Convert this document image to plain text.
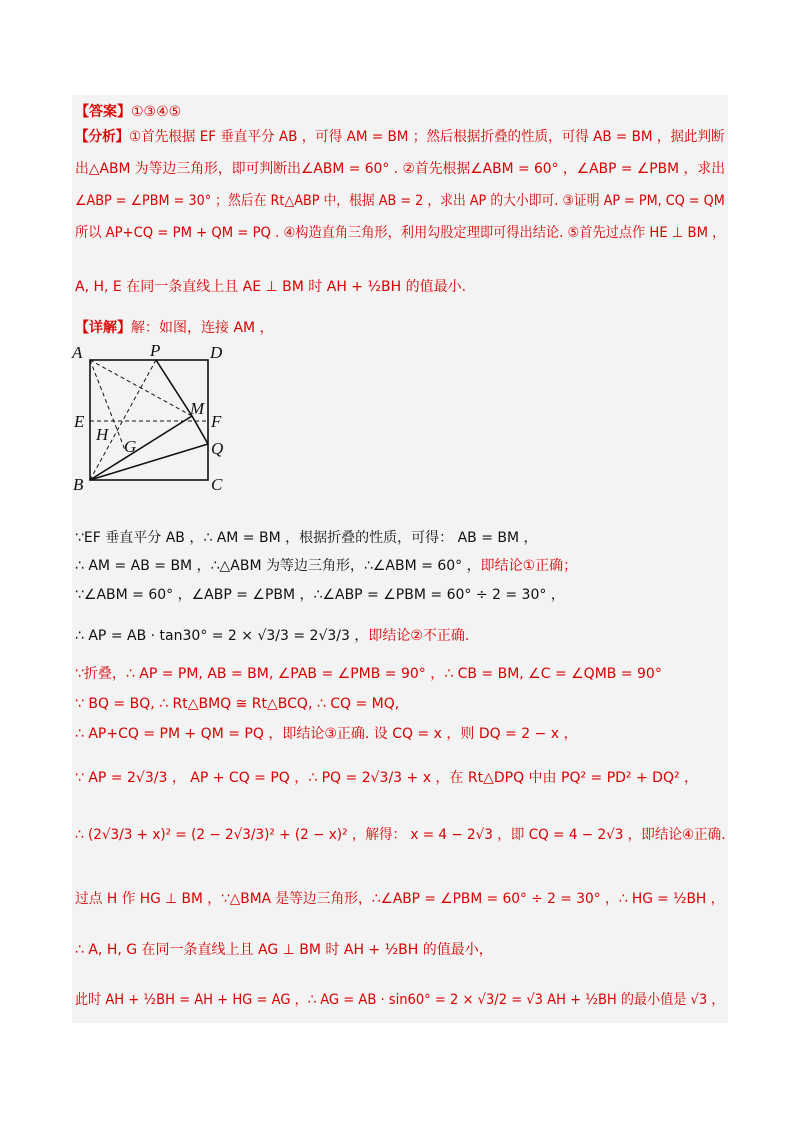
【答案】①③④⑤
【分析】①首先根据 EF 垂直平分 AB ，可得 AM = BM ；然后根据折叠的性质，可得 AB = BM ，据此判断
出△ABM 为等边三角形，即可判断出∠ABM = 60° . ②首先根据∠ABM = 60° ，∠ABP = ∠PBM ，求出
∠ABP = ∠PBM = 30° ；然后在 Rt△ABP 中，根据 AB = 2 ，求出 AP 的大小即可. ③证明 AP = PM, CQ = QM
所以 AP+CQ = PM + QM = PQ . ④构造直角三角形，利用勾股定理即可得出结论. ⑤首先过点作 HE ⊥ BM ，
A, H, E 在同一条直线上且 AE ⊥ BM 时 AH + ½BH 的值最小.
【详解】解：如图，连接 AM ，
A	P	D
E
M
F
H
G	Q
B	C
∵EF 垂直平分 AB ，∴ AM = BM ，根据折叠的性质，可得： AB = BM ，
∴ AM = AB = BM ，∴△ABM 为等边三角形，∴∠ABM = 60° ，即结论①正确；
∵∠ABM = 60° ，∠ABP = ∠PBM ，∴∠ABP = ∠PBM = 60° ÷ 2 = 30° ，
∴ AP = AB · tan30° = 2 × √3/3 = 2√3/3 ，即结论②不正确.
∵折叠，∴ AP = PM, AB = BM, ∠PAB = ∠PMB = 90° ，∴ CB = BM, ∠C = ∠QMB = 90°
∵ BQ = BQ, ∴ Rt△BMQ ≅ Rt△BCQ, ∴ CQ = MQ,
∴ AP+CQ = PM + QM = PQ ，即结论③正确. 设 CQ = x ，则 DQ = 2 − x ，
∵ AP = 2√3/3 ， AP + CQ = PQ ，∴ PQ = 2√3/3 + x ，在 Rt△DPQ 中由 PQ² = PD² + DQ² ，
∴ (2√3/3 + x)² = (2 − 2√3/3)² + (2 − x)² ，解得： x = 4 − 2√3 ，即 CQ = 4 − 2√3 ，即结论④正确.
过点 H 作 HG ⊥ BM ，∵△BMA 是等边三角形，∴∠ABP = ∠PBM = 60° ÷ 2 = 30° ，∴ HG = ½BH ，
∴ A, H, G 在同一条直线上且 AG ⊥ BM 时 AH + ½BH 的值最小，
此时 AH + ½BH = AH + HG = AG ，∴ AG = AB · sin60° = 2 × √3/2 = √3 AH + ½BH 的最小值是 √3 ，
